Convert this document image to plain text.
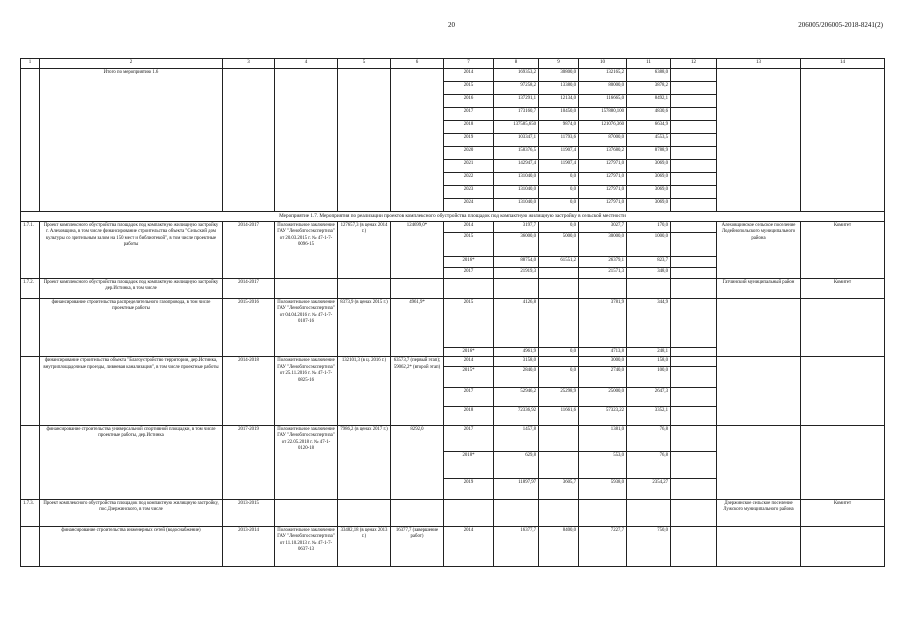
20	206005/206005-2018-8241(2)
1	2	3	4	5	6	7	8	9	10	11	12	13	14
	Итого по мероприятию 1.6					2014	169353,2	30800,0	132165,2	6388,0			
						2015	97258,2	13380,0	80000,0	3878,2			
						2016	137291,1	12134,0	116665,0	8492,1			
						2017	173160,7	10450,0	157880,100	4830,6			
						2018	137585,650	9874,0	121076,360	6634,9			
						2019	103347,1	11793,6	87000,0	4553,5			
						2020	158376,5	11907,4	137680,2	8788,9			
						2021	142947,4	11907,4	127971,0	3069,0			
						2022	131040,0	0,0	127971,0	3069,0			
						2023	131040,0	0,0	127971,0	3069,0			
						2024	131040,0	0,0	127971,0	3069,0			
Мероприятие 1.7. Мероприятия по реализации проектов комплексного обустройства площадок под компактную жилищную застройку в сельской местности													
1.7.1.	Проект комплексного обустройства площадок под компактную жилищную застройку г. Алеховщина, в том числе финансирование строительства объекта "Сельский дом культуры со зрительным залом на 150 мест и библиотекой", в том числе проектные работы	2014-2017	Положительное заключение ГАУ "Леноблгосэкспертиза" от 20.03.2015 г. № 47-1-7-0096-15	127657,3 (в ценах 2014 г.)	124699,0*	2014	3197,7	0,0	3027,7	170,0		Алеховщинское сельское поселение Лодейнопольского муниципального района	Комитет
						2015	36000,0	5000,0	30000,0	1000,0			
						2016*	88754,0	61551,2	26379,1	823,7			
						2017	21919,3		21571,3	348,0			
1.7.2.	Проект комплексного обустройства площадок под компактную жилищную застройку дер.Истинка, в том числе	2014-2017										Гатчинский муниципальный район	Комитет
	финансирование строительства распределительного газопровода, в том числе проектные работы	2015-2016	Положительное заключение ГАУ "Леноблгосэкспертиза" от 04.04.2016 г. № 47-1-7-0107-16	8373,9 (в ценах 2015 г.)	4961,9*	2015	4126,8		3781,9	344,9			
						2016*	4961,9	0,0	4713,8	248,1			
	финансирование строительства объекта "Благоустройство территории, дер.Истинка, внутриплощадочные проезды, ливневая канализация", в том числе проектные работы	2014-2018	Положительное заключение ГАУ "Леноблгосэкспертиза" от 25.11.2016 г. № 47-1-7-0825-16	132101,3 (в ц. 2016 г.)	63573,7 (первый этап); 59062,2* (второй этап)	2014	3158,0		3000,0	158,0			
						2015*	2840,0	0,0	2740,0	100,0			
						2017	52946,2	25298,9	25000,0	2647,3			
						2018	72336,92	11661,6	57323,22	3352,1			
	финансирование строительства универсальной спортивной площадки, в том числе проектные работы, дер.Истинка	2017-2019	Положительное заключение ГАУ "Леноблгосэкспертиза" от 22.05.2018 г. № 47-1-0120-18	7986,2 (в ценах 2017 г.)	8292,0	2017	1457,8		1381,0	76,8			
						2018*	629,8		553,0	76,8			
						2019	11897,97	3605,7	5938,0	2354,27			
1.7.3.	Проект комплексного обустройства площадок под компактную жилищную застройку, пос.Дзержинского, в том числе	2013-2015										Дзержинское сельское поселение Лужского муниципального района	Комитет
	финансирование строительства инженерных сетей (водоснабжение)	2013-2014	Положительное заключение ГАУ "Леноблгосэкспертиза" от 11.10.2013 г. № 47-1-7-0637-13	33482,18 (в ценах 2013 г.)	16377,7 (завершение работ)	2014	16377,7	8400,0	7227,7	750,0			
